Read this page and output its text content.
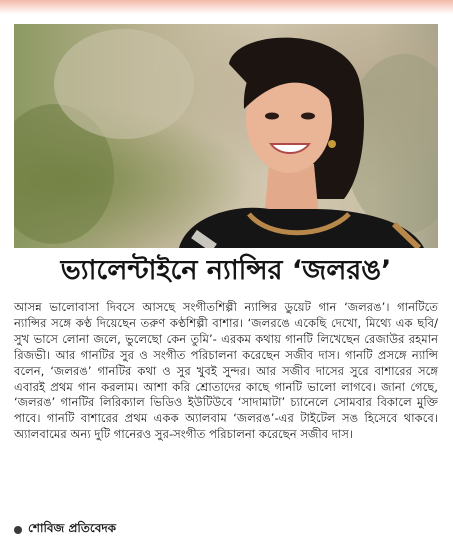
ভ্যালেন্টাইনে ন্যান্সির ‘জলরঙ’

আসন্ন ভালোবাসা দিবসে আসছে সংগীতশিল্পী ন্যান্সির ডুয়েট গান ‘জলরঙ’। গানটিতে ন্যান্সির সঙ্গে কণ্ঠ দিয়েছেন তরুণ কণ্ঠশিল্পী বাশার। ‘জলরঙে একেছি দেখো, মিথ্যে এক ছবি/ সুখ ভাসে লোনা জলে, ভুলেছো কেন তুমি’- এরকম কথায় গানটি লিখেছেন রেজাউর রহমান রিজভী। আর গানটির সুর ও সংগীত পরিচালনা করেছেন সজীব দাস। গানটি প্রসঙ্গে ন্যান্সি বলেন, ‘জলরঙ’ গানটির কথা ও সুর খুবই সুন্দর। আর সজীব দাসের সুরে বাশারের সঙ্গে এবারই প্রথম গান করলাম। আশা করি শ্রোতাদের কাছে গানটি ভালো লাগবে। জানা গেছে, ‘জলরঙ’ গানটির লিরিক্যাল ভিডিও ইউটিউবে ‘সাদামাটা’ চ্যানেলে সোমবার বিকালে মুক্তি পাবে। গানটি বাশারের প্রথম একক অ্যালবাম ‘জলরঙ’-এর টাইটেল সঙ হিসেবে থাকবে। অ্যালবামের অন্য দুটি গানেরও সুর-সংগীত পরিচালনা করেছেন সজীব দাস।

শোবিজ প্রতিবেদক
